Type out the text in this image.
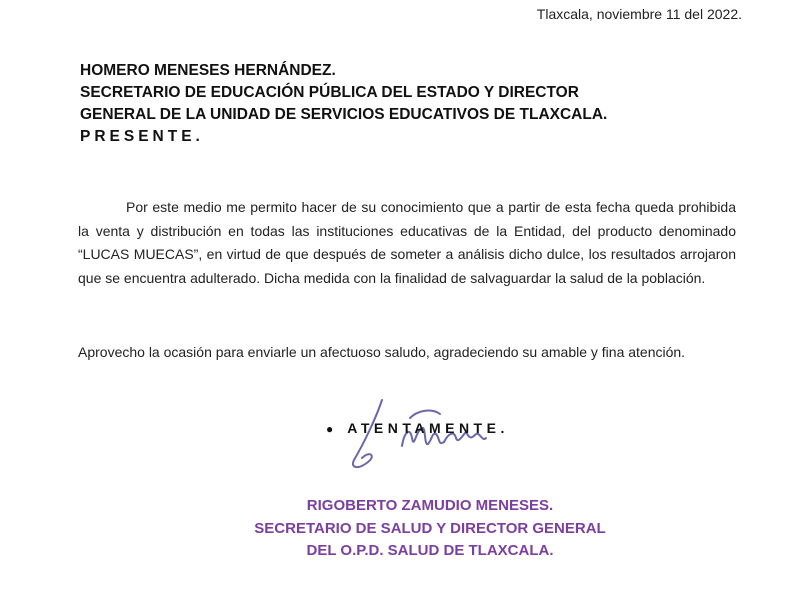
Tlaxcala, noviembre 11 del 2022.
HOMERO MENESES HERNÁNDEZ.
SECRETARIO DE EDUCACIÓN PÚBLICA DEL ESTADO Y DIRECTOR
GENERAL DE LA UNIDAD DE SERVICIOS EDUCATIVOS DE TLAXCALA.
PRESENTE.
Por este medio me permito hacer de su conocimiento que a partir de esta fecha queda prohibida la venta y distribución en todas las instituciones educativas de la Entidad, del producto denominado “LUCAS MUECAS”, en virtud de que después de someter a análisis dicho dulce, los resultados arrojaron que se encuentra adulterado. Dicha medida con la finalidad de salvaguardar la salud de la población.
Aprovecho la ocasión para enviarle un afectuoso saludo, agradeciendo su amable y fina atención.
● ATENTAMENTE.
RIGOBERTO ZAMUDIO MENESES.
SECRETARIO DE SALUD Y DIRECTOR GENERAL
DEL O.P.D. SALUD DE TLAXCALA.
